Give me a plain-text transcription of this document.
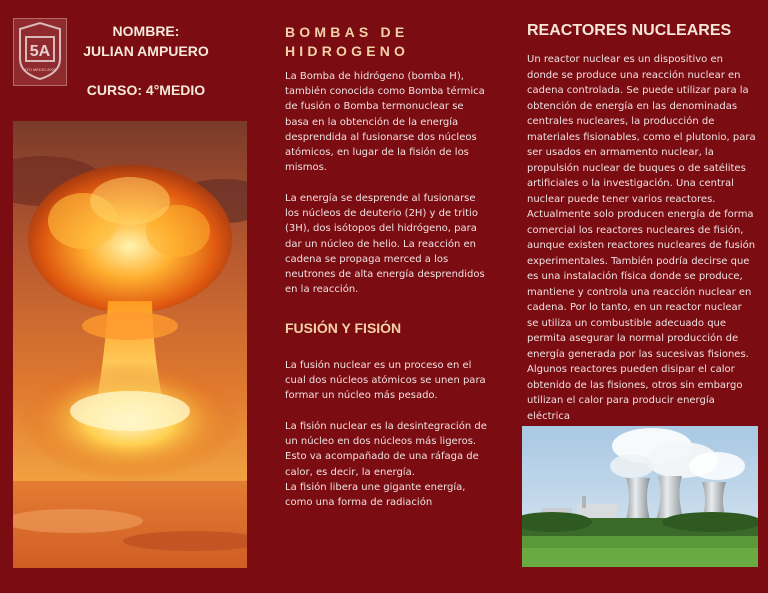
5A
4TO MEDIO 2020
NOMBRE:
JULIAN AMPUERO
CURSO: 4°MEDIO
BOMBAS DE
HIDROGENO
La Bomba de hidrógeno (bomba H), también conocida como Bomba térmica de fusión o Bomba termonuclear se basa en la obtención de la energía desprendida al fusionarse dos núcleos atómicos, en lugar de la fisión de los mismos.
La energía se desprende al fusionarse los núcleos de deuterio (2H) y de tritio (3H), dos isótopos del hidrógeno, para dar un núcleo de helio. La reacción en cadena se propaga merced a los neutrones de alta energía desprendidos en la reacción.
FUSIÓN Y FISIÓN
La fusión nuclear es un proceso en el cual dos núcleos atómicos se unen para formar un núcleo más pesado.
La fisión nuclear es la desintegración de un núcleo en dos núcleos más ligeros. Esto va acompañado de una ráfaga de calor, es decir, la energía.
La fisión libera une gigante energía, como una forma de radiación
REACTORES NUCLEARES
Un reactor nuclear es un dispositivo en donde se produce una reacción nuclear en cadena controlada. Se puede utilizar para la obtención de energía en las denominadas centrales nucleares, la producción de materiales fisionables, como el plutonio, para ser usados en armamento nuclear, la propulsión nuclear de buques o de satélites artificiales o la investigación. Una central nuclear puede tener varios reactores. Actualmente solo producen energía de forma comercial los reactores nucleares de fisión, aunque existen reactores nucleares de fusión experimentales. También podría decirse que es una instalación física donde se produce, mantiene y controla una reacción nuclear en cadena. Por lo tanto, en un reactor nuclear se utiliza un combustible adecuado que permita asegurar la normal producción de energía generada por las sucesivas fisiones. Algunos reactores pueden disipar el calor obtenido de las fisiones, otros sin embargo utilizan el calor para producir energía eléctrica
